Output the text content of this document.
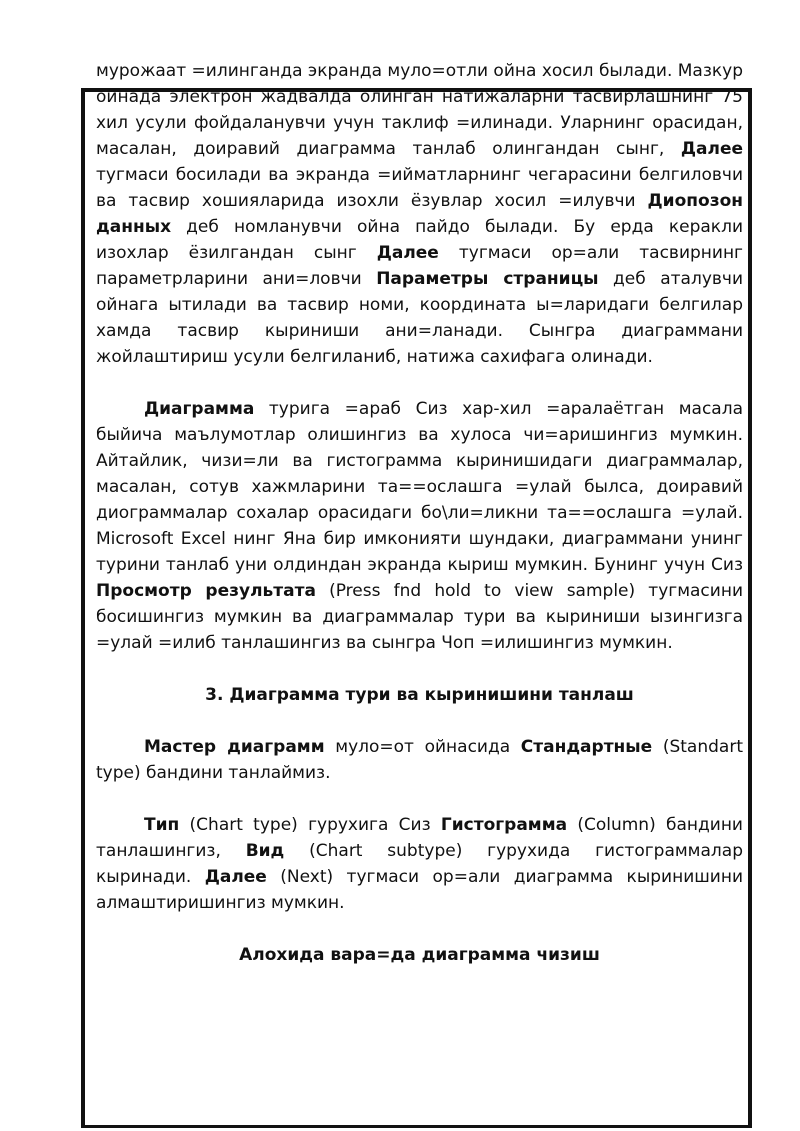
мурожаат =илинганда экранда муло=отли ойна хосил былади. Мазкур ойнада электрон жадвалда олинган натижаларни тасвирлашнинг 75 хил усули фойдаланувчи учун таклиф =илинади. Уларнинг орасидан, масалан, доиравий диаграмма танлаб олингандан сынг, Далее тугмаси босилади ва экранда =ийматларнинг чегарасини белгиловчи ва тасвир хошияларида изохли ёзувлар хосил =илувчи Диопозон данных деб номланувчи ойна пайдо былади. Бу ерда керакли изохлар ёзилгандан сынг Далее тугмаси ор=али тасвирнинг параметрларини ани=ловчи Параметры страницы деб аталувчи ойнага ытилади ва тасвир номи, координата ы=ларидаги белгилар хамда тасвир кыриниши ани=ланади. Сынгра диаграммани жойлаштириш усули белгиланиб, натижа сахифага олинади.

Диаграмма турига =араб Сиз хар-хил =аралаётган масала быйича маълумотлар олишингиз ва хулоса чи=аришингиз мумкин. Айтайлик, чизи=ли ва гистограмма кыринишидаги диаграммалар, масалан, сотув хажмларини та==ослашга =улай былса, доиравий диограммалар сохалар орасидаги бо\ли=ликни та==ослашга =улай. Microsoft Excel нинг Яна бир имконияти шундаки, диаграммани унинг турини танлаб уни олдиндан экранда кыриш мумкин. Бунинг учун Сиз Просмотр результата (Press fnd hold to view sample) тугмасини босишингиз мумкин ва диаграммалар тури ва кыриниши ызингизга =улай =илиб танлашингиз ва сынгра Чоп =илишингиз мумкин.

3. Диаграмма тури ва кыринишини танлаш

Мастер диаграмм муло=от ойнасида Стандартные (Standart type) бандини танлаймиз.

Тип (Chart type) гурухига Сиз Гистограмма (Column) бандини танлашингиз, Вид (Chart subtype) гурухида гистограммалар кыринади. Далее (Next) тугмаси ор=али диаграмма кыринишини алмаштиришингиз мумкин.

Алохида вара=да диаграмма чизиш
